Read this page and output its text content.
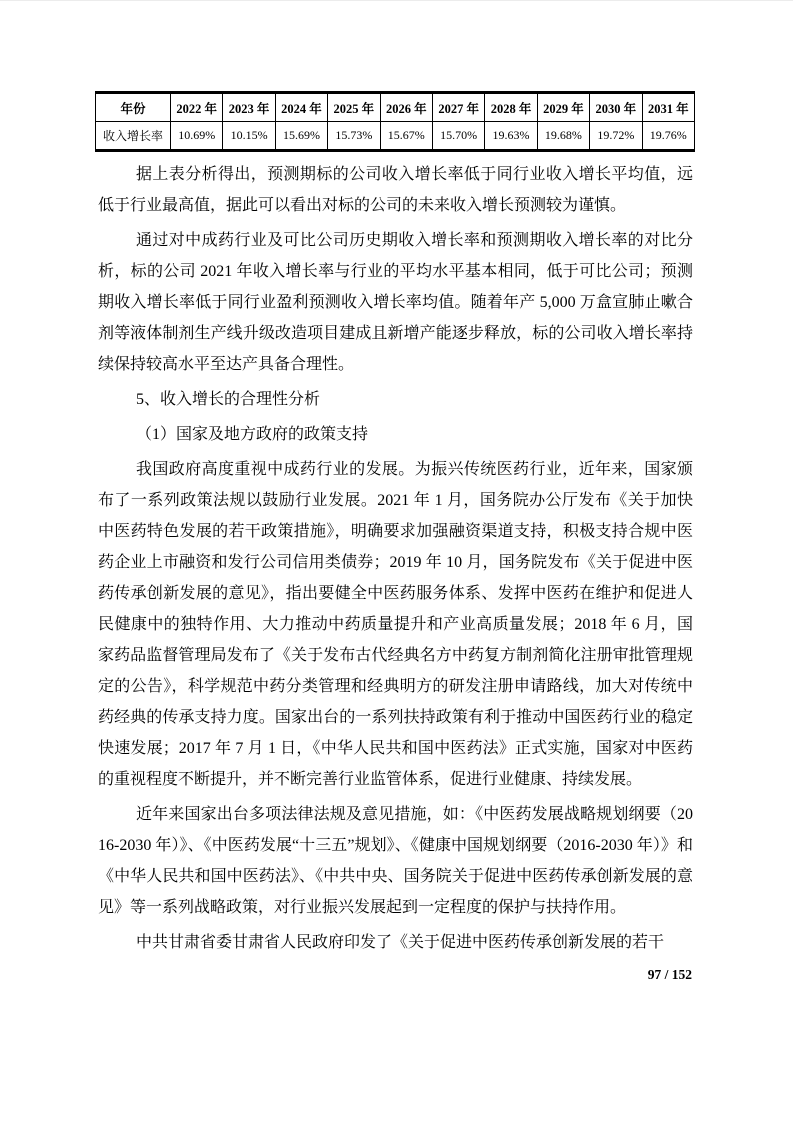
年份	2022 年	2023 年	2024 年	2025 年	2026 年	2027 年	2028 年	2029 年	2030 年	2031 年
收入增长率	10.69%	10.15%	15.69%	15.73%	15.67%	15.70%	19.63%	19.68%	19.72%	19.76%

据上表分析得出，预测期标的公司收入增长率低于同行业收入增长平均值，远低于行业最高值，据此可以看出对标的公司的未来收入增长预测较为谨慎。

通过对中成药行业及可比公司历史期收入增长率和预测期收入增长率的对比分析，标的公司 2021 年收入增长率与行业的平均水平基本相同，低于可比公司；预测期收入增长率低于同行业盈利预测收入增长率均值。随着年产 5,000 万盒宣肺止嗽合剂等液体制剂生产线升级改造项目建成且新增产能逐步释放，标的公司收入增长率持续保持较高水平至达产具备合理性。

5、收入增长的合理性分析

（1）国家及地方政府的政策支持

我国政府高度重视中成药行业的发展。为振兴传统医药行业，近年来，国家颁布了一系列政策法规以鼓励行业发展。2021 年 1 月，国务院办公厅发布《关于加快中医药特色发展的若干政策措施》，明确要求加强融资渠道支持，积极支持合规中医药企业上市融资和发行公司信用类债券；2019 年 10 月，国务院发布《关于促进中医药传承创新发展的意见》，指出要健全中医药服务体系、发挥中医药在维护和促进人民健康中的独特作用、大力推动中药质量提升和产业高质量发展；2018 年 6 月，国家药品监督管理局发布了《关于发布古代经典名方中药复方制剂简化注册审批管理规定的公告》，科学规范中药分类管理和经典明方的研发注册申请路线，加大对传统中药经典的传承支持力度。国家出台的一系列扶持政策有利于推动中国医药行业的稳定快速发展；2017 年 7 月 1 日，《中华人民共和国中医药法》正式实施，国家对中医药的重视程度不断提升，并不断完善行业监管体系，促进行业健康、持续发展。

近年来国家出台多项法律法规及意见措施，如：《中医药发展战略规划纲要（2016-2030 年）》、《中医药发展“十三五”规划》、《健康中国规划纲要（2016-2030 年）》和《中华人民共和国中医药法》、《中共中央、国务院关于促进中医药传承创新发展的意见》等一系列战略政策，对行业振兴发展起到一定程度的保护与扶持作用。

中共甘肃省委甘肃省人民政府印发了《关于促进中医药传承创新发展的若干

97 / 152
